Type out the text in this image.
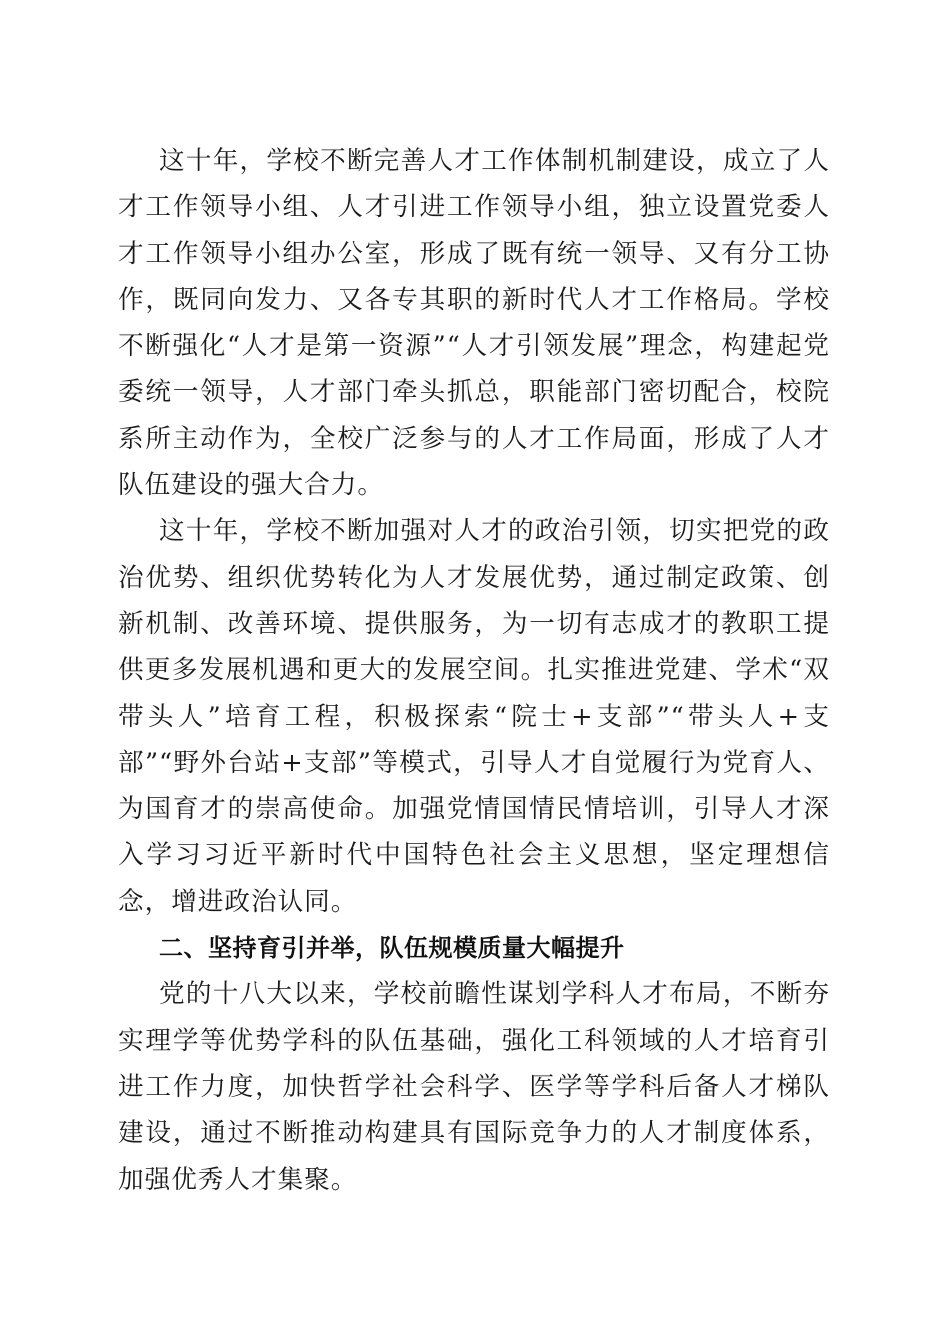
这十年，学校不断完善人才工作体制机制建设，成立了人才工作领导小组、人才引进工作领导小组，独立设置党委人才工作领导小组办公室，形成了既有统一领导、又有分工协作，既同向发力、又各专其职的新时代人才工作格局。学校不断强化“人才是第一资源”“人才引领发展”理念，构建起党委统一领导，人才部门牵头抓总，职能部门密切配合，校院系所主动作为，全校广泛参与的人才工作局面，形成了人才队伍建设的强大合力。

这十年，学校不断加强对人才的政治引领，切实把党的政治优势、组织优势转化为人才发展优势，通过制定政策、创新机制、改善环境、提供服务，为一切有志成才的教职工提供更多发展机遇和更大的发展空间。扎实推进党建、学术“双带头人”培育工程，积极探索“院士+支部”“带头人+支部”“野外台站+支部”等模式，引导人才自觉履行为党育人、为国育才的崇高使命。加强党情国情民情培训，引导人才深入学习习近平新时代中国特色社会主义思想，坚定理想信念，增进政治认同。

二、坚持育引并举，队伍规模质量大幅提升

党的十八大以来，学校前瞻性谋划学科人才布局，不断夯实理学等优势学科的队伍基础，强化工科领域的人才培育引进工作力度，加快哲学社会科学、医学等学科后备人才梯队建设，通过不断推动构建具有国际竞争力的人才制度体系，加强优秀人才集聚。
